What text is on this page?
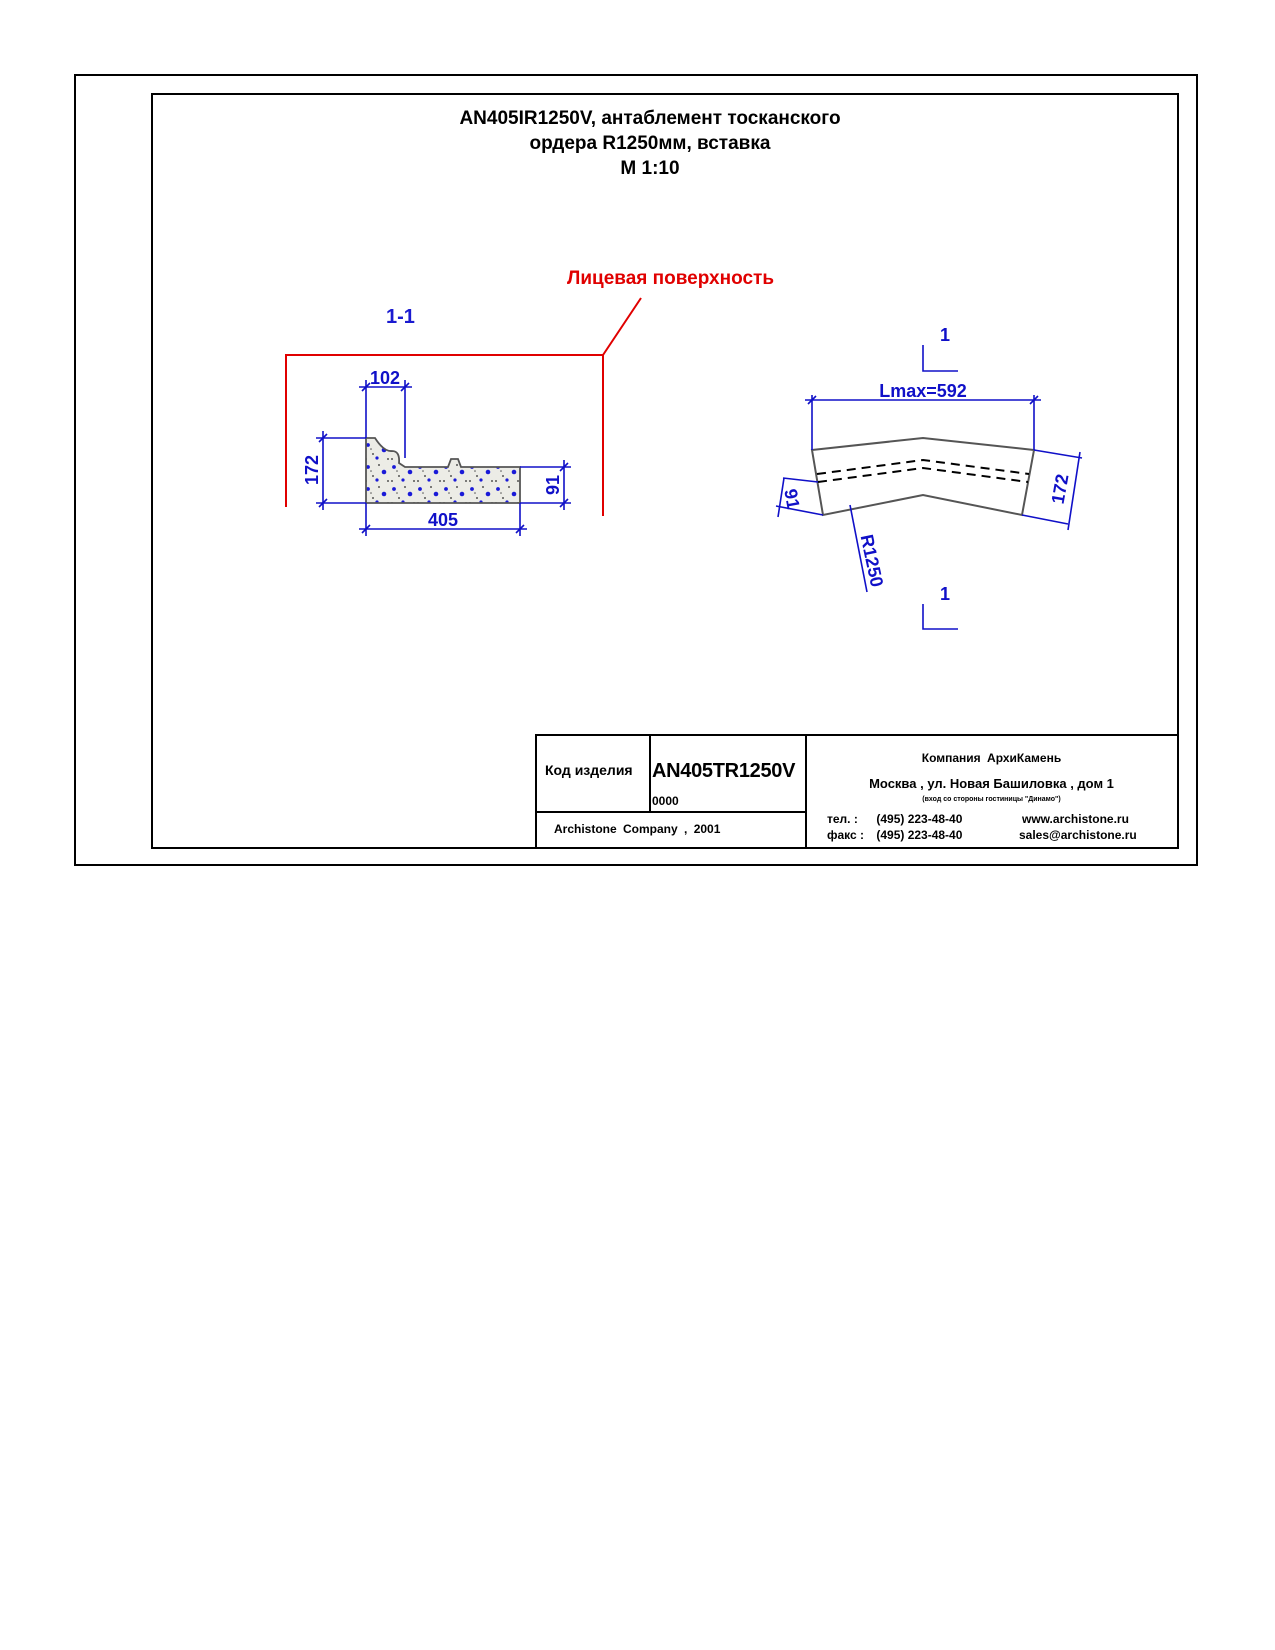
AN405IR1250V, антаблемент тосканского
ордера R1250мм, вставка
М 1:10
Лицевая поверхность
1-1
102
172	91
405
Lmax=592
91	172
R1250
1
1
Код изделия AN405TR1250V
0000
Archistone Company , 2001
Компания АрхиКамень
Москва , ул. Новая Башиловка , дом 1
(вход со стороны гостиницы "Динамо")
тел. : (495) 223-48-40
факс : (495) 223-48-40
www.archistone.ru
sales@archistone.ru
